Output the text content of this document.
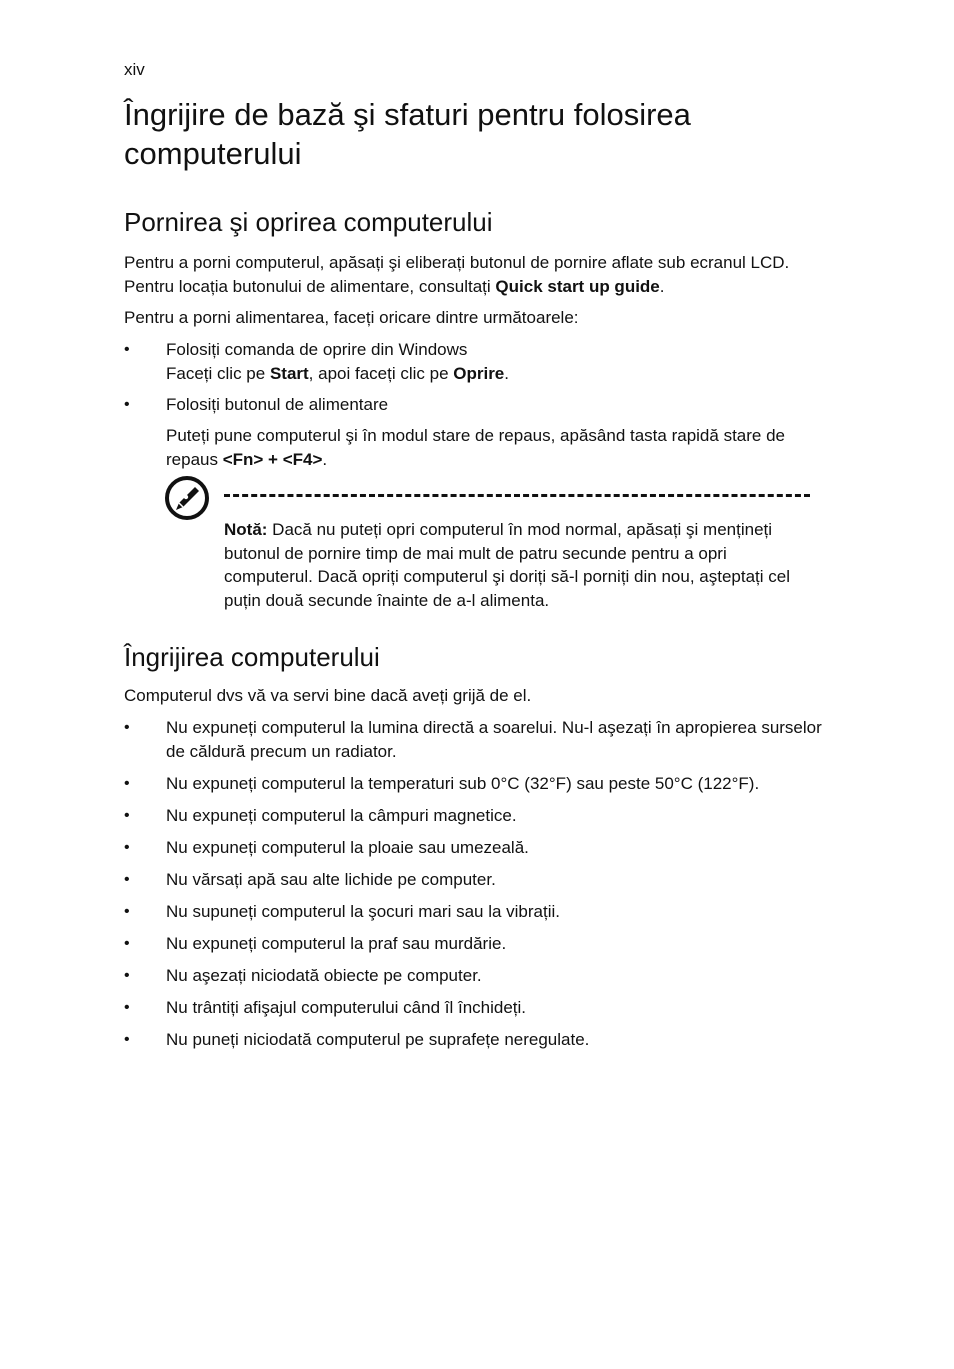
xiv
Îngrijire de bază şi sfaturi pentru folosirea computerului
Pornirea şi oprirea computerului

Pentru a porni computerul, apăsați şi eliberați butonul de pornire aflate sub ecranul LCD. Pentru locația butonului de alimentare, consultați Quick start up guide.

Pentru a porni alimentarea, faceți oricare dintre următoarele:

• Folosiți comanda de oprire din Windows
Faceți clic pe Start, apoi faceți clic pe Oprire.
• Folosiți butonul de alimentare

Puteți pune computerul şi în modul stare de repaus, apăsând tasta rapidă stare de repaus <Fn> + <F4>.

Notă: Dacă nu puteți opri computerul în mod normal, apăsați şi mențineți butonul de pornire timp de mai mult de patru secunde pentru a opri computerul. Dacă opriți computerul şi doriți să-l porniți din nou, aşteptați cel puțin două secunde înainte de a-l alimenta.

Îngrijirea computerului

Computerul dvs vă va servi bine dacă aveți grijă de el.

• Nu expuneți computerul la lumina directă a soarelui. Nu-l aşezați în apropierea surselor de căldură precum un radiator.
• Nu expuneți computerul la temperaturi sub 0°C (32°F) sau peste 50°C (122°F).
• Nu expuneți computerul la câmpuri magnetice.
• Nu expuneți computerul la ploaie sau umezeală.
• Nu vărsați apă sau alte lichide pe computer.
• Nu supuneți computerul la şocuri mari sau la vibrații.
• Nu expuneți computerul la praf sau murdărie.
• Nu aşezați niciodată obiecte pe computer.
• Nu trântiți afişajul computerului când îl închideți.
• Nu puneți niciodată computerul pe suprafețe neregulate.
